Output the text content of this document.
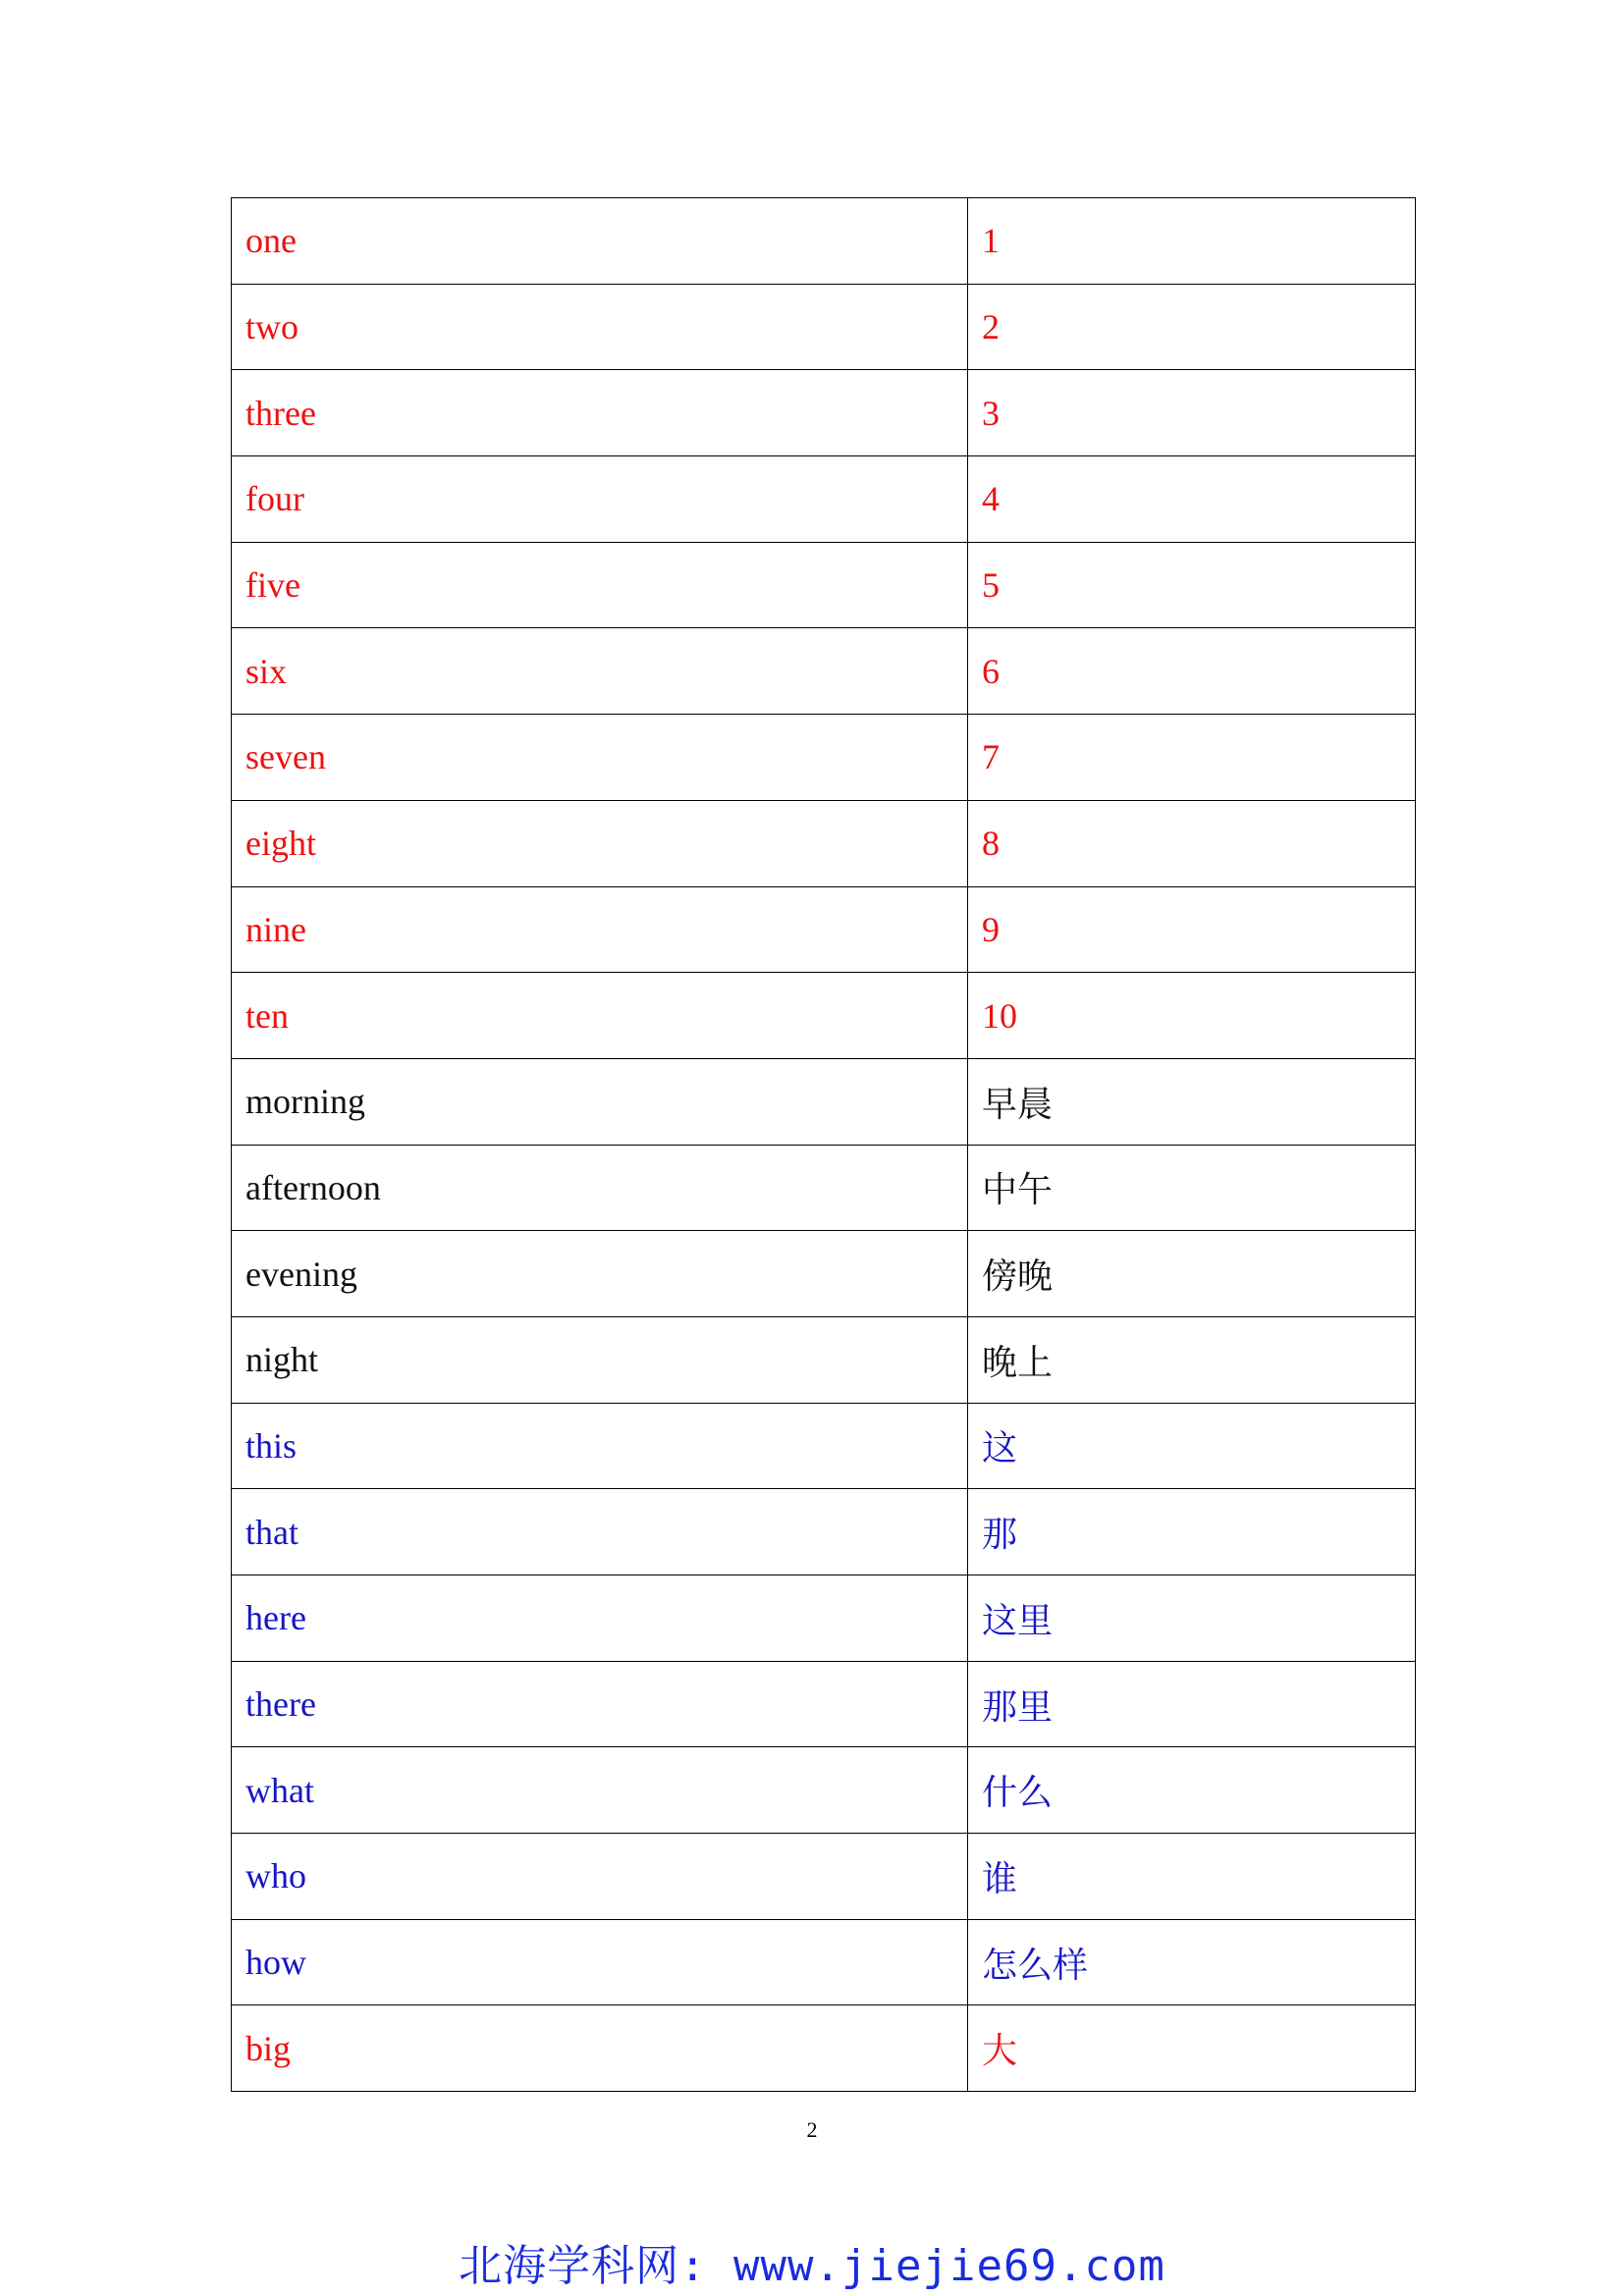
one	1
two	2
three	3
four	4
five	5
six	6
seven	7
eight	8
nine	9
ten	10
morning	早晨
afternoon	中午
evening	傍晚
night	晚上
this	这
that	那
here	这里
there	那里
what	什么
who	谁
how	怎么样
big	大
2
北海学科网: www.jiejie69.com
